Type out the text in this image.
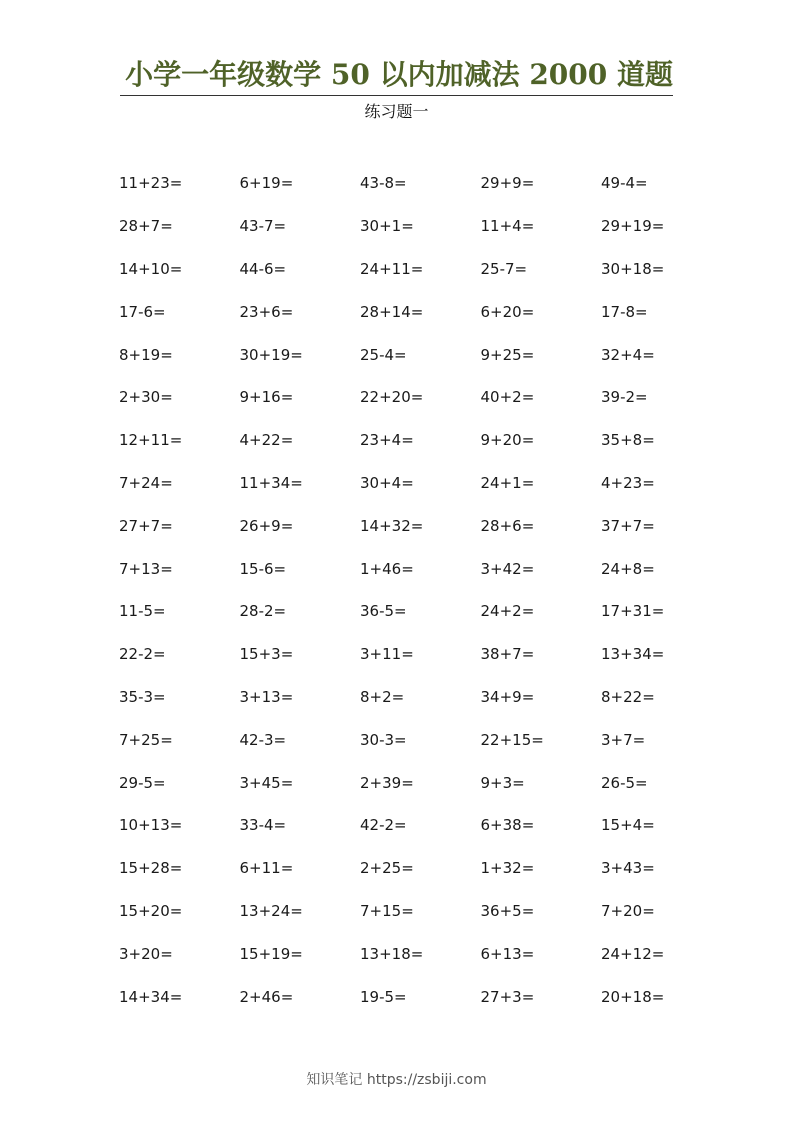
小学一年级数学 50 以内加减法 2000 道题
练习题一
11+23=	6+19=	43-8=	29+9=	49-4=
28+7=	43-7=	30+1=	11+4=	29+19=
14+10=	44-6=	24+11=	25-7=	30+18=
17-6=	23+6=	28+14=	6+20=	17-8=
8+19=	30+19=	25-4=	9+25=	32+4=
2+30=	9+16=	22+20=	40+2=	39-2=
12+11=	4+22=	23+4=	9+20=	35+8=
7+24=	11+34=	30+4=	24+1=	4+23=
27+7=	26+9=	14+32=	28+6=	37+7=
7+13=	15-6=	1+46=	3+42=	24+8=
11-5=	28-2=	36-5=	24+2=	17+31=
22-2=	15+3=	3+11=	38+7=	13+34=
35-3=	3+13=	8+2=	34+9=	8+22=
7+25=	42-3=	30-3=	22+15=	3+7=
29-5=	3+45=	2+39=	9+3=	26-5=
10+13=	33-4=	42-2=	6+38=	15+4=
15+28=	6+11=	2+25=	1+32=	3+43=
15+20=	13+24=	7+15=	36+5=	7+20=
3+20=	15+19=	13+18=	6+13=	24+12=
14+34=	2+46=	19-5=	27+3=	20+18=
知识笔记 https://zsbiji.com
